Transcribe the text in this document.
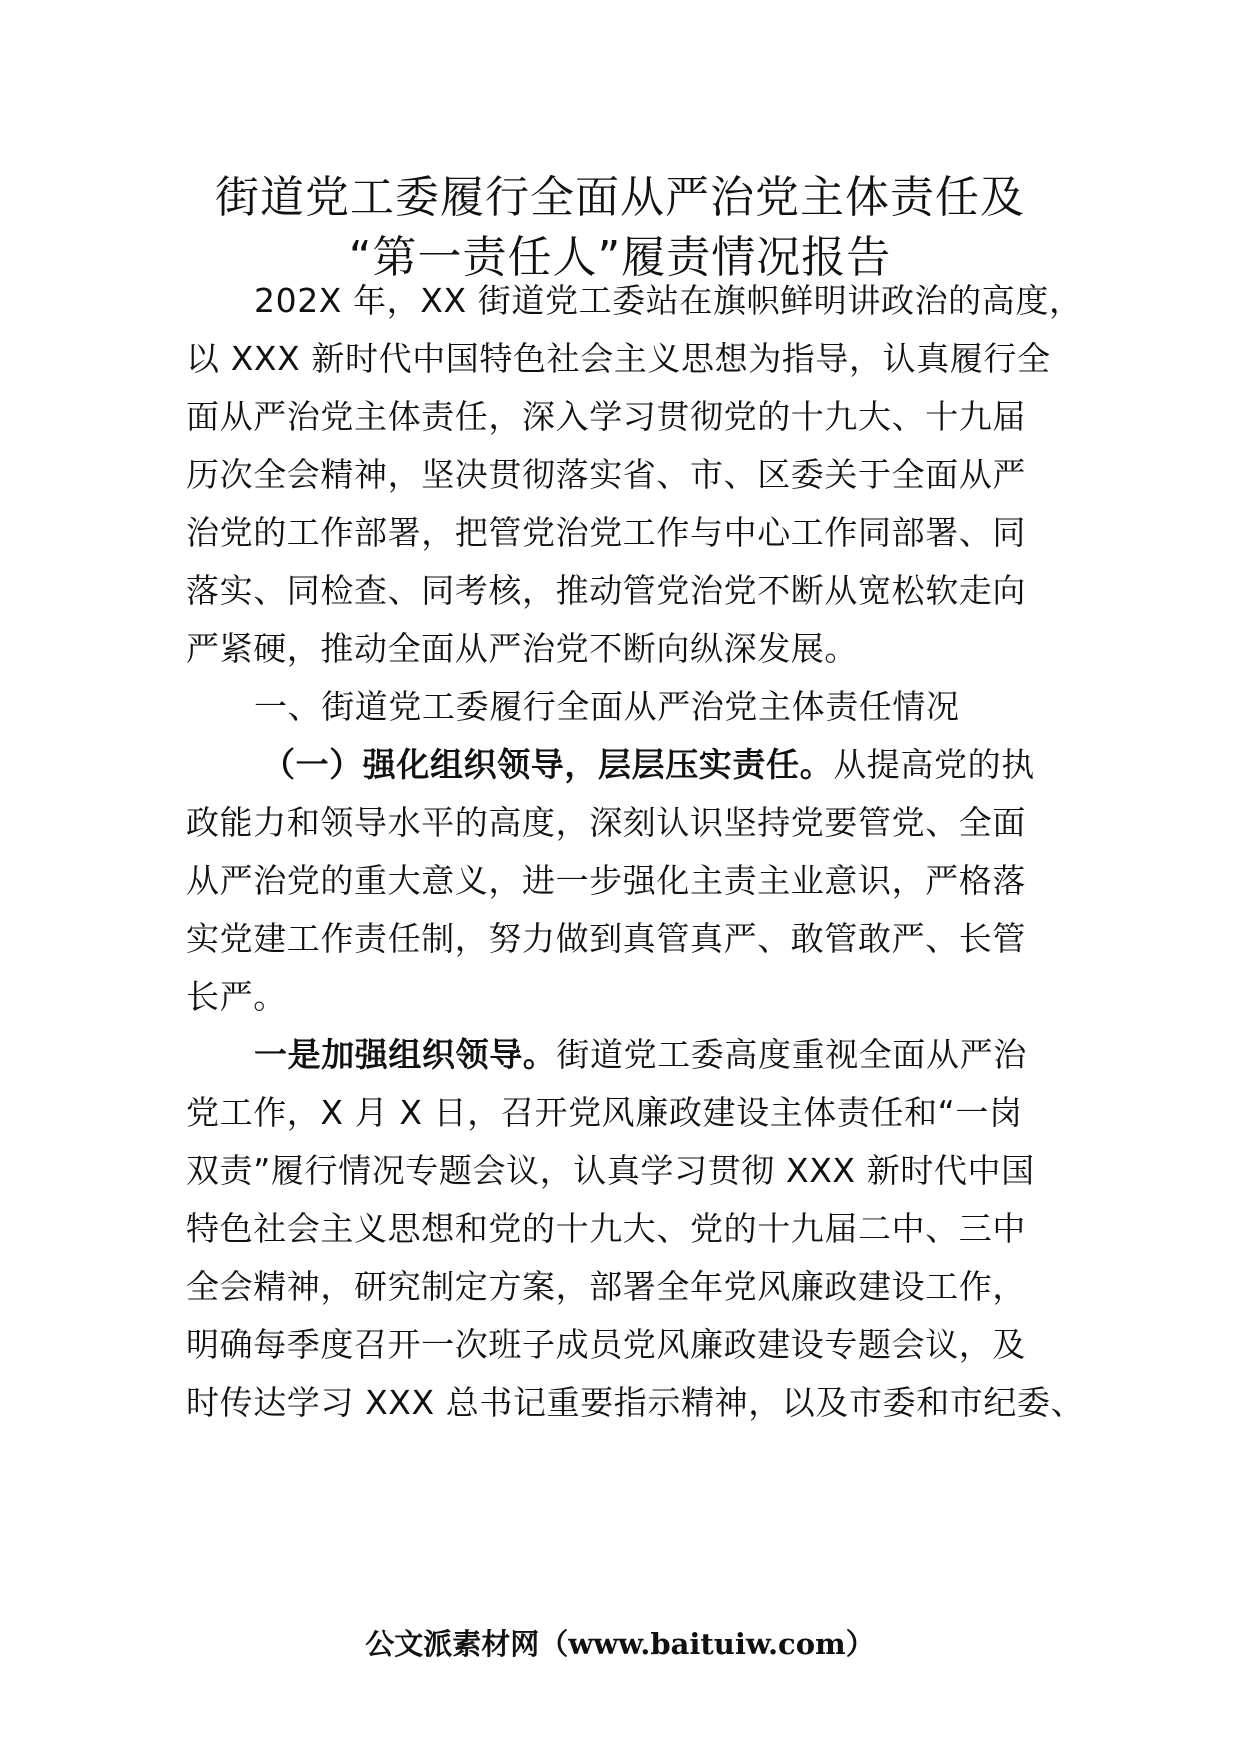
街道党工委履行全面从严治党主体责任及
“第一责任人”履责情况报告
202X 年，XX 街道党工委站在旗帜鲜明讲政治的高度，
以 XXX 新时代中国特色社会主义思想为指导，认真履行全
面从严治党主体责任，深入学习贯彻党的十九大、十九届
历次全会精神，坚决贯彻落实省、市、区委关于全面从严
治党的工作部署，把管党治党工作与中心工作同部署、同
落实、同检查、同考核，推动管党治党不断从宽松软走向
严紧硬，推动全面从严治党不断向纵深发展。
一、街道党工委履行全面从严治党主体责任情况
（一）强化组织领导，层层压实责任。从提高党的执
政能力和领导水平的高度，深刻认识坚持党要管党、全面
从严治党的重大意义，进一步强化主责主业意识，严格落
实党建工作责任制，努力做到真管真严、敢管敢严、长管
长严。
一是加强组织领导。街道党工委高度重视全面从严治
党工作，X 月 X 日，召开党风廉政建设主体责任和“一岗
双责”履行情况专题会议，认真学习贯彻 XXX 新时代中国
特色社会主义思想和党的十九大、党的十九届二中、三中
全会精神，研究制定方案，部署全年党风廉政建设工作，
明确每季度召开一次班子成员党风廉政建设专题会议，及
时传达学习 XXX 总书记重要指示精神，以及市委和市纪委、
公文派素材网（www.baituiw.com）
